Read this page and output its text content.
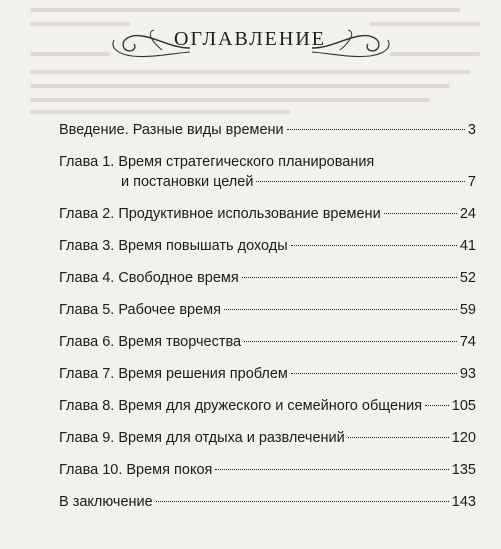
ОГЛАВЛЕНИЕ
Введение. Разные виды времени	3
Глава 1. Время стратегического планирования
и постановки целей	7
Глава 2. Продуктивное использование времени	24
Глава 3. Время повышать доходы	41
Глава 4. Свободное время	52
Глава 5. Рабочее время	59
Глава 6. Время творчества	74
Глава 7. Время решения проблем	93
Глава 8. Время для дружеского и семейного общения 105
Глава 9. Время для отдыха и развлечений	120
Глава 10. Время покоя	135
В заключение	143
